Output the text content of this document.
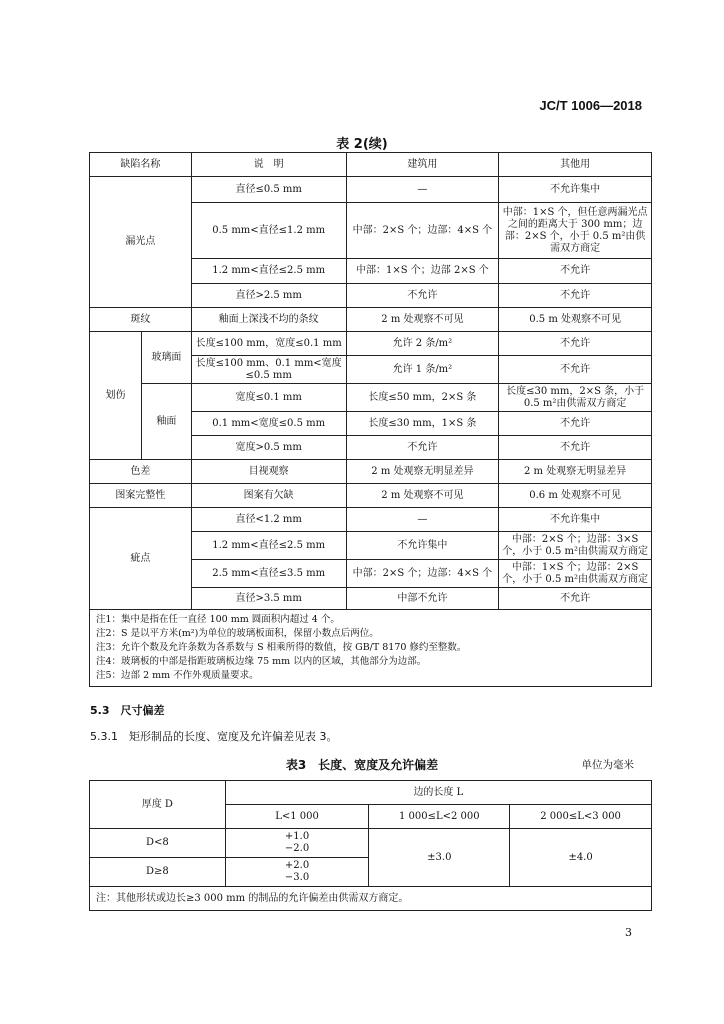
JC/T 1006—2018
表 2(续)
缺陷名称		说　明	建筑用	其他用
漏光点		直径≤0.5 mm	—	不允许集中
		0.5 mm<直径≤1.2 mm	中部：2×S 个；边部：4×S 个	中部：1×S 个，但任意两漏光点之间的距离大于 300 mm；边部：2×S 个，小于 0.5 m²由供需双方商定
		1.2 mm<直径≤2.5 mm	中部：1×S 个；边部 2×S 个	不允许
		直径>2.5 mm	不允许	不允许
斑纹		釉面上深浅不均的条纹	2 m 处观察不可见	0.5 m 处观察不可见
划伤	玻璃面	长度≤100 mm，宽度≤0.1 mm	允许 2 条/m²	不允许
		长度≤100 mm、0.1 mm<宽度≤0.5 mm	允许 1 条/m²	不允许
	釉面	宽度≤0.1 mm	长度≤50 mm，2×S 条	长度≤30 mm，2×S 条，小于 0.5 m²由供需双方商定
		0.1 mm<宽度≤0.5 mm	长度≤30 mm，1×S 条	不允许
		宽度>0.5 mm	不允许	不允许
色差		目视观察	2 m 处观察无明显差异	2 m 处观察无明显差异
图案完整性		图案有欠缺	2 m 处观察不可见	0.6 m 处观察不可见
疵点		直径<1.2 mm	—	不允许集中
		1.2 mm<直径≤2.5 mm	不允许集中	中部：2×S 个；边部：3×S 个，小于 0.5 m²由供需双方商定
		2.5 mm<直径≤3.5 mm	中部：2×S 个；边部：4×S 个	中部：1×S 个；边部：2×S 个，小于 0.5 m²由供需双方商定
		直径>3.5 mm	中部不允许	不允许

注1：集中是指在任一直径 100 mm 圆面积内超过 4 个。
注2：S 是以平方米(m²)为单位的玻璃板面积，保留小数点后两位。
注3：允许个数及允许条数为各系数与 S 相乘所得的数值，按 GB/T 8170 修约至整数。
注4：玻璃板的中部是指距玻璃板边缘 75 mm 以内的区域，其他部分为边部。
注5：边部 2 mm 不作外观质量要求。				
5.3　尺寸偏差
5.3.1　矩形制品的长度、宽度及允许偏差见表 3。
表3　长度、宽度及允许偏差	单位为毫米
厚度 D	边的长度 L		
	L<1 000	1 000≤L<2 000	2 000≤L<3 000
D<8	+1.0
−2.0	±3.0	±4.0
D≥8	+2.0
−3.0		

注：其他形状或边长≥3 000 mm 的制品的允许偏差由供需双方商定。			
3
